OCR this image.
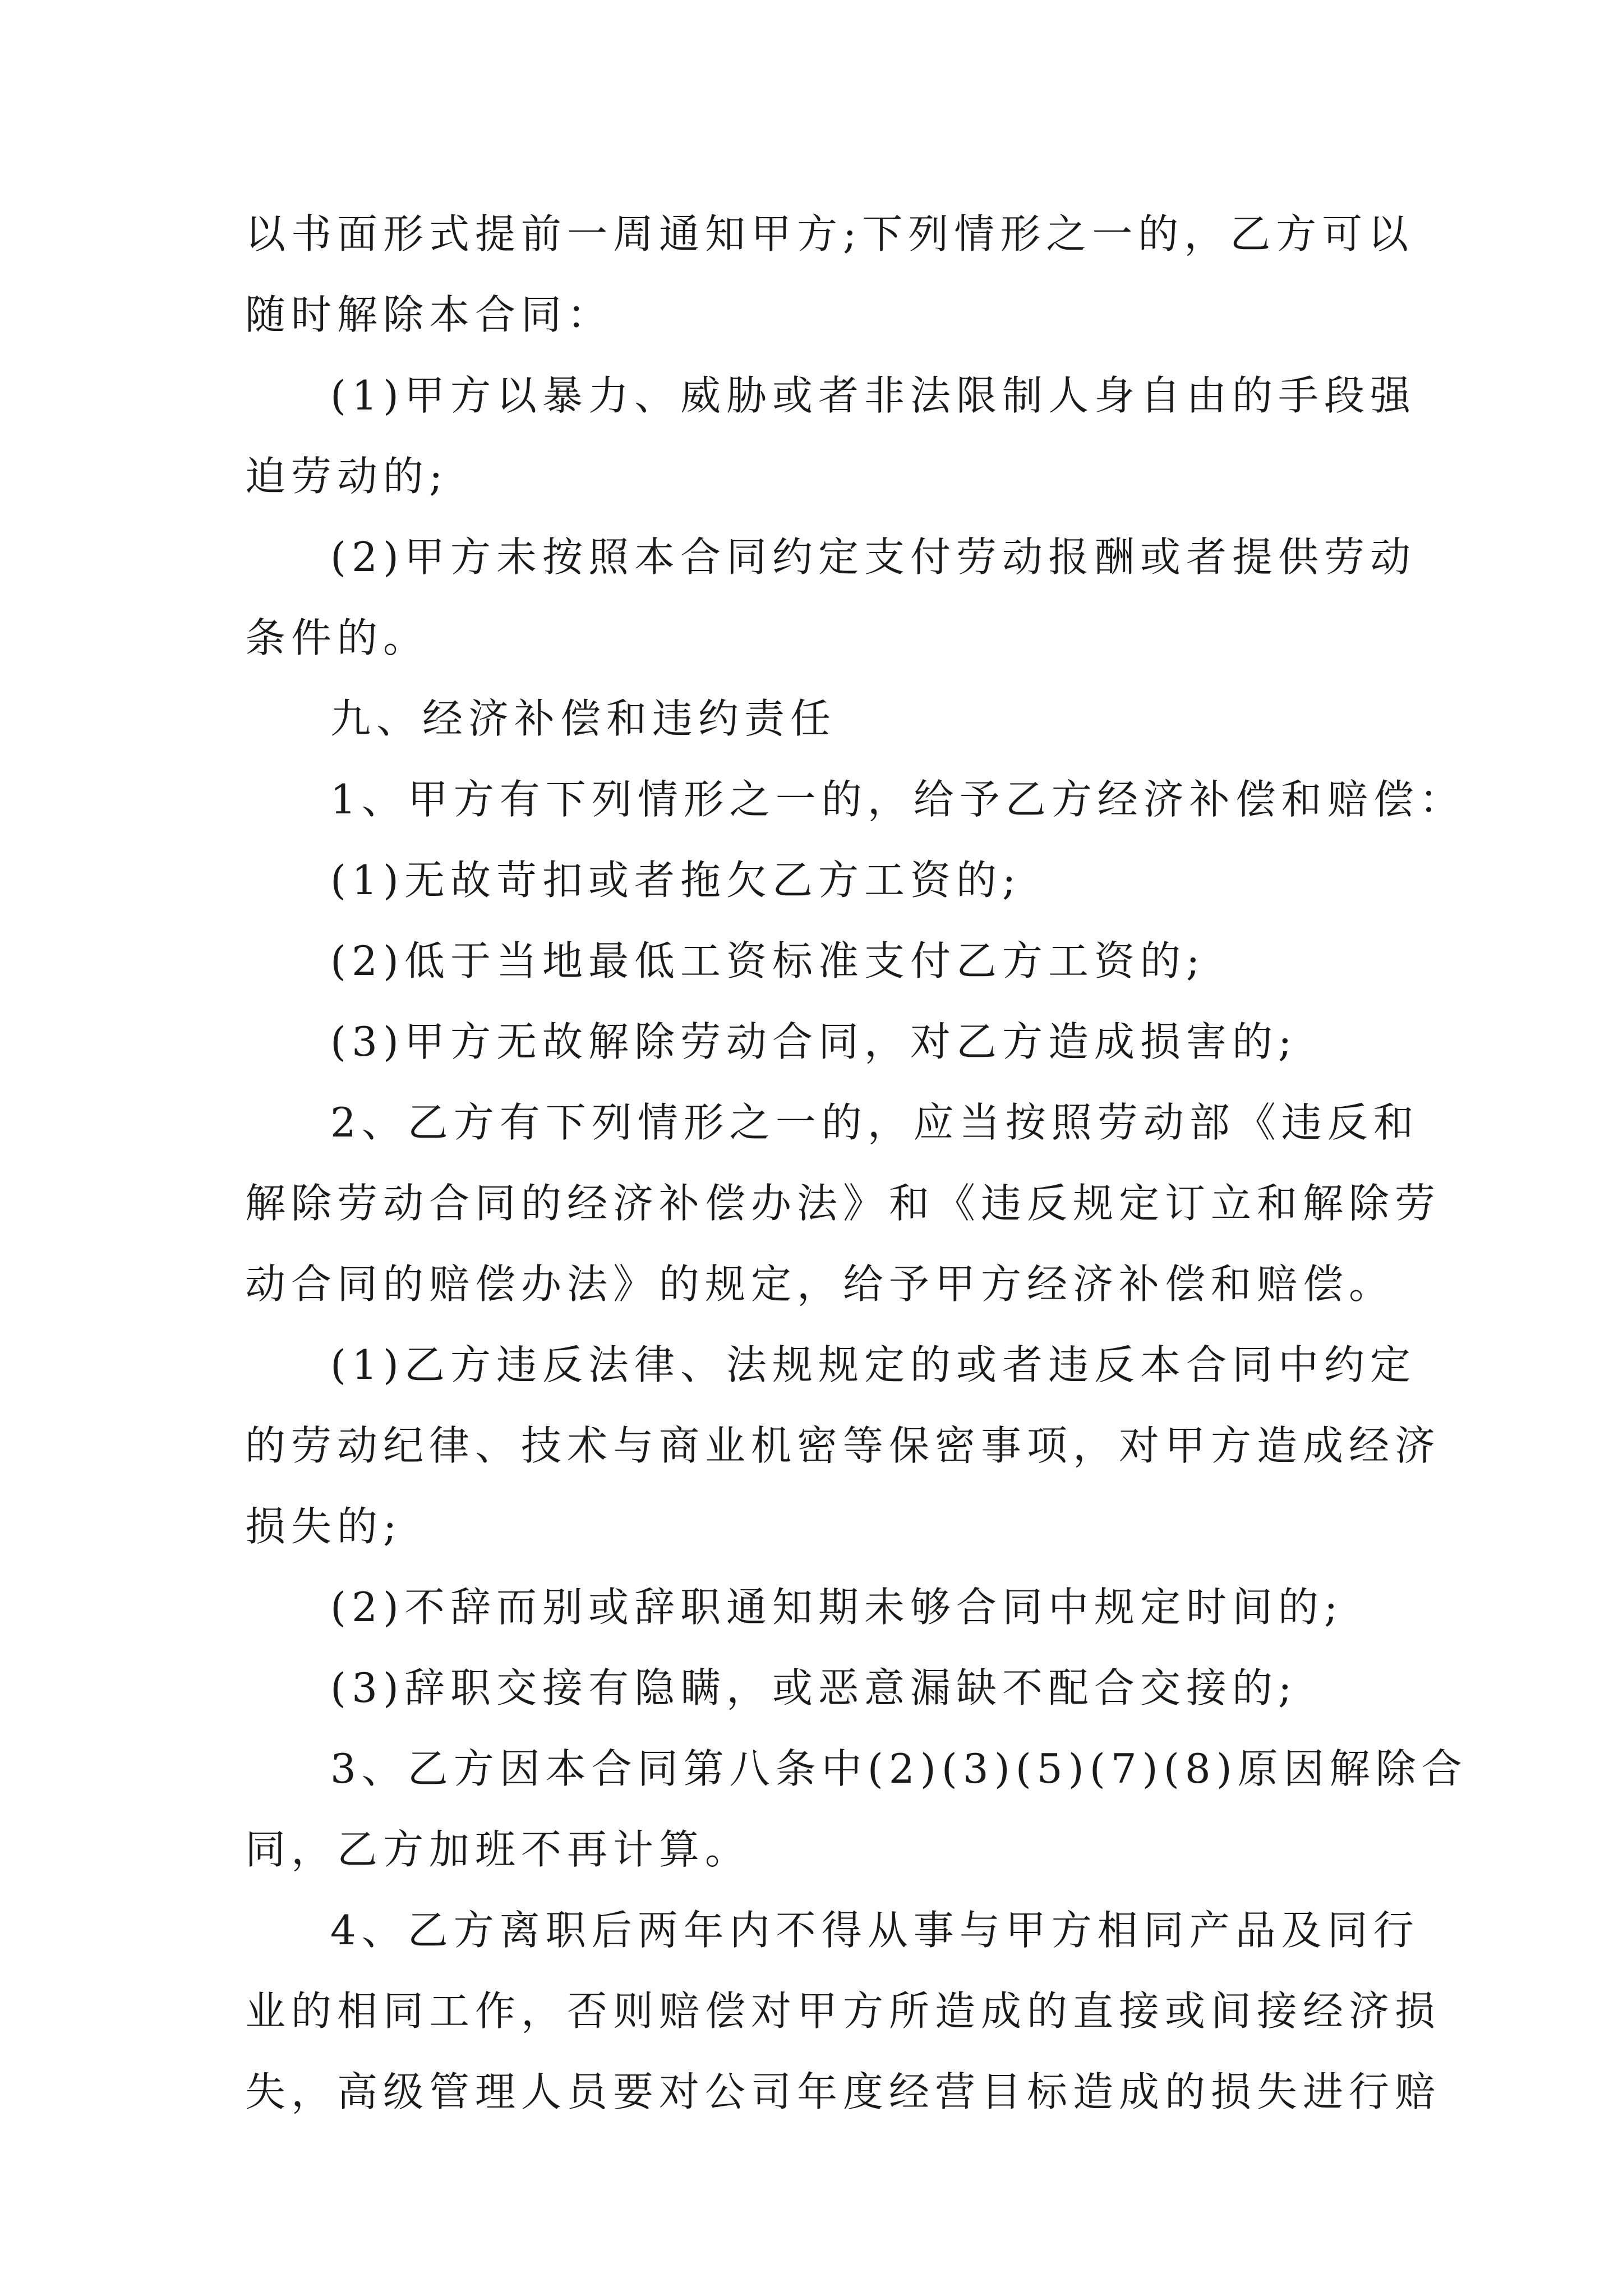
以书面形式提前一周通知甲方;下列情形之一的，乙方可以
随时解除本合同：

(1)甲方以暴力、威胁或者非法限制人身自由的手段强
迫劳动的;

(2)甲方未按照本合同约定支付劳动报酬或者提供劳动
条件的。

九、经济补偿和违约责任

1、甲方有下列情形之一的，给予乙方经济补偿和赔偿：

(1)无故苛扣或者拖欠乙方工资的;

(2)低于当地最低工资标准支付乙方工资的;

(3)甲方无故解除劳动合同，对乙方造成损害的;

2、乙方有下列情形之一的，应当按照劳动部《违反和
解除劳动合同的经济补偿办法》和《违反规定订立和解除劳
动合同的赔偿办法》的规定，给予甲方经济补偿和赔偿。

(1)乙方违反法律、法规规定的或者违反本合同中约定
的劳动纪律、技术与商业机密等保密事项，对甲方造成经济
损失的;

(2)不辞而别或辞职通知期未够合同中规定时间的;

(3)辞职交接有隐瞒，或恶意漏缺不配合交接的;

3、乙方因本合同第八条中(2)(3)(5)(7)(8)原因解除合
同，乙方加班不再计算。

4、乙方离职后两年内不得从事与甲方相同产品及同行
业的相同工作，否则赔偿对甲方所造成的直接或间接经济损
失，高级管理人员要对公司年度经营目标造成的损失进行赔
